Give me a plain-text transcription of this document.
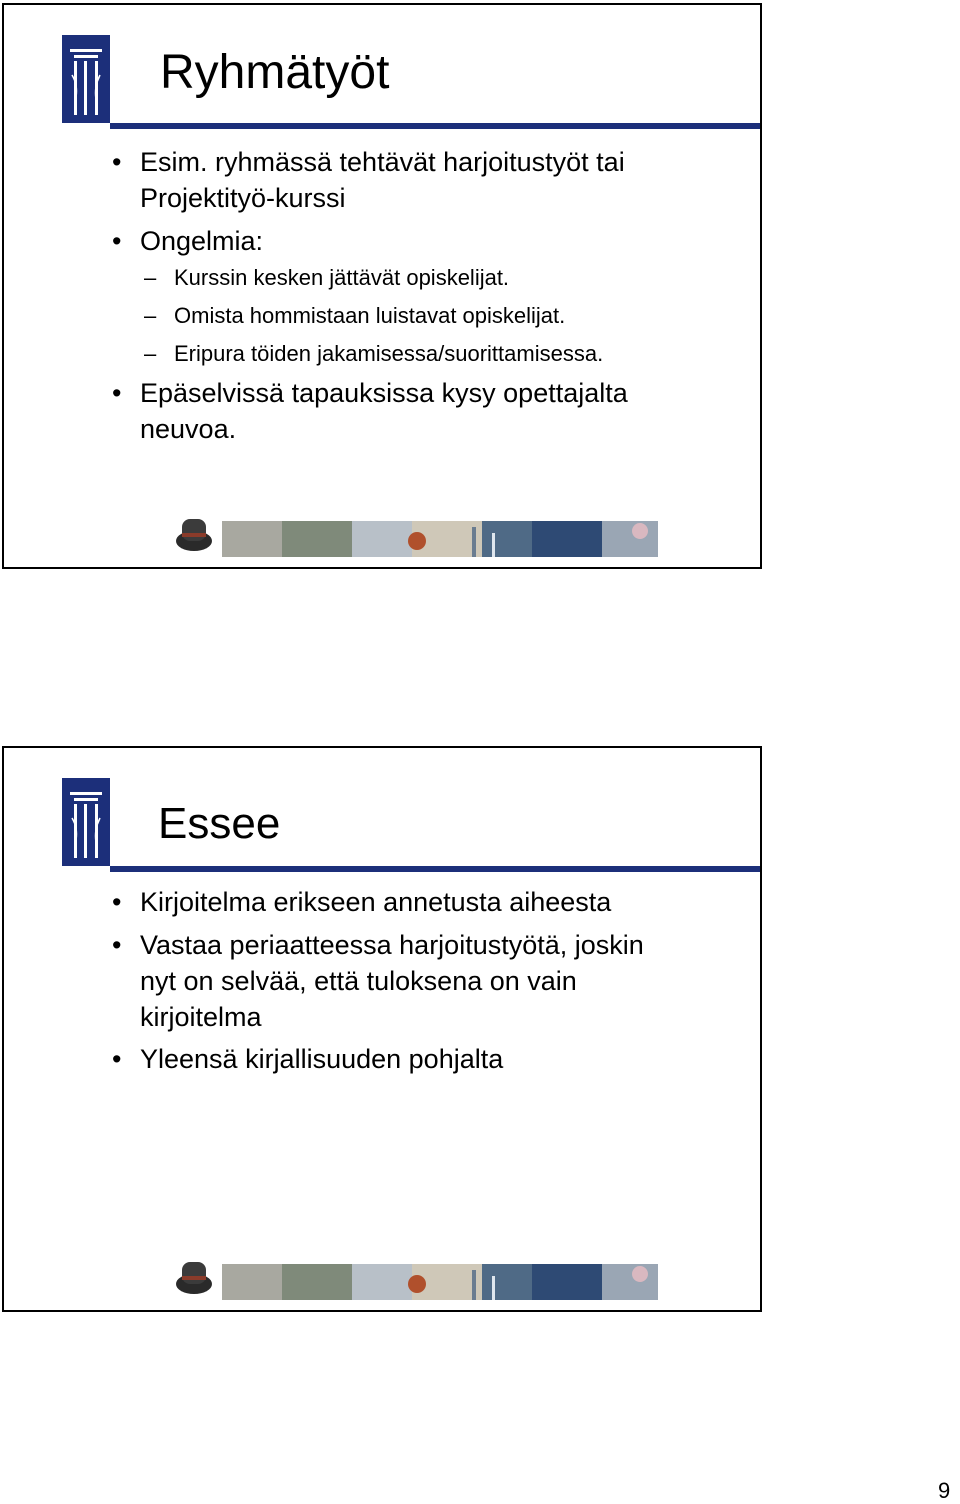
Ryhmätyöt
• Esim. ryhmässä tehtävät harjoitustyöt tai
Projektityö-kurssi
• Ongelmia:
– Kurssin kesken jättävät opiskelijat.
– Omista hommistaan luistavat opiskelijat.
– Eripura töiden jakamisessa/suorittamisessa.
• Epäselvissä tapauksissa kysy opettajalta
neuvoa.
Essee
• Kirjoitelma erikseen annetusta aiheesta
• Vastaa periaatteessa harjoitustyötä, joskin
nyt on selvää, että tuloksena on vain
kirjoitelma
• Yleensä kirjallisuuden pohjalta
9
